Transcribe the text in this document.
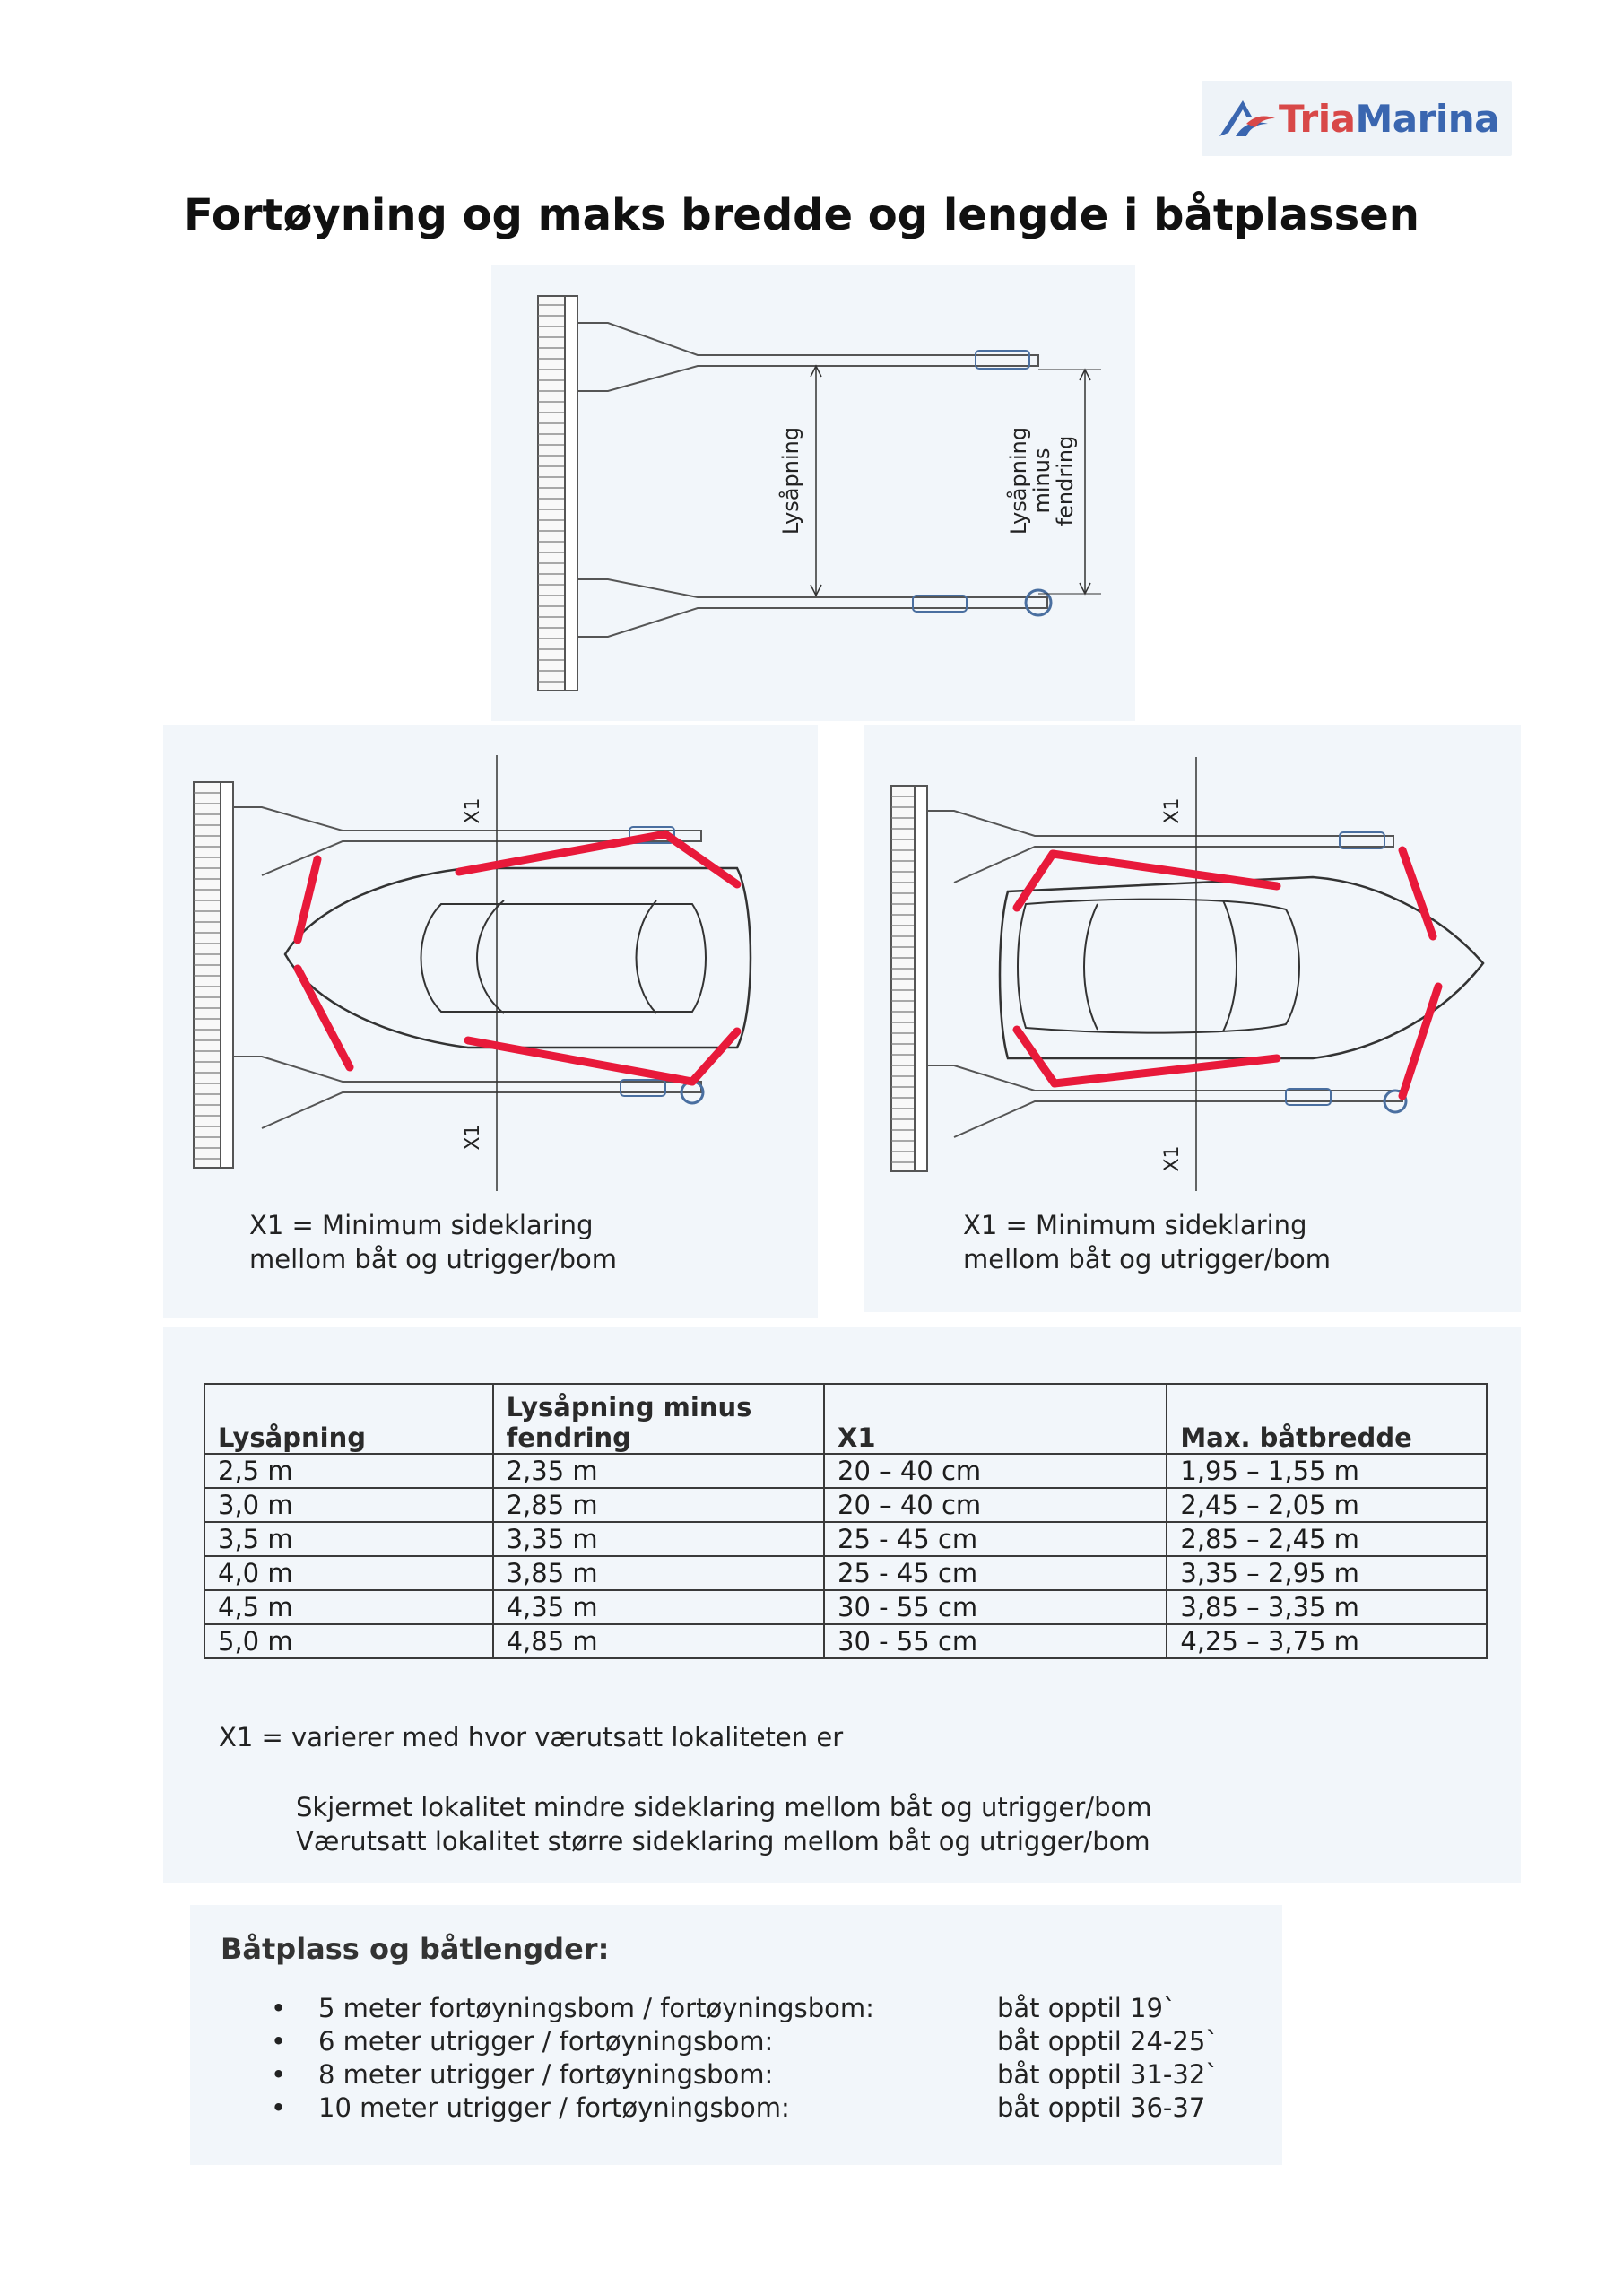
TriaMarina
Fortøyning og maks bredde og lengde i båtplassen
Lysåpning	Lysåpning
minus
fendring
X1
X1
X1 = Minimum sideklaring
mellom båt og utrigger/bom
X1
X1
X1 = Minimum sideklaring
mellom båt og utrigger/bom
Lysåpning	Lysåpning minus fendring	X1	Max. båtbredde
2,5 m	2,35 m	20 – 40 cm	1,95 – 1,55 m
3,0 m	2,85 m	20 – 40 cm	2,45 – 2,05 m
3,5 m	3,35 m	25 - 45 cm	2,85 – 2,45 m
4,0 m	3,85 m	25 - 45 cm	3,35 – 2,95 m
4,5 m	4,35 m	30 - 55 cm	3,85 – 3,35 m
5,0 m	4,85 m	30 - 55 cm	4,25 – 3,75 m
X1 = varierer med hvor værutsatt lokaliteten er
Skjermet lokalitet mindre sideklaring mellom båt og utrigger/bom
Værutsatt lokalitet større sideklaring mellom båt og utrigger/bom
Båtplass og båtlengder:
• 5 meter fortøyningsbom / fortøyningsbom:	båt opptil 19`
• 6 meter utrigger / fortøyningsbom:	båt opptil 24-25`
• 8 meter utrigger / fortøyningsbom:	båt opptil 31-32`
• 10 meter utrigger / fortøyningsbom:	båt opptil 36-37
